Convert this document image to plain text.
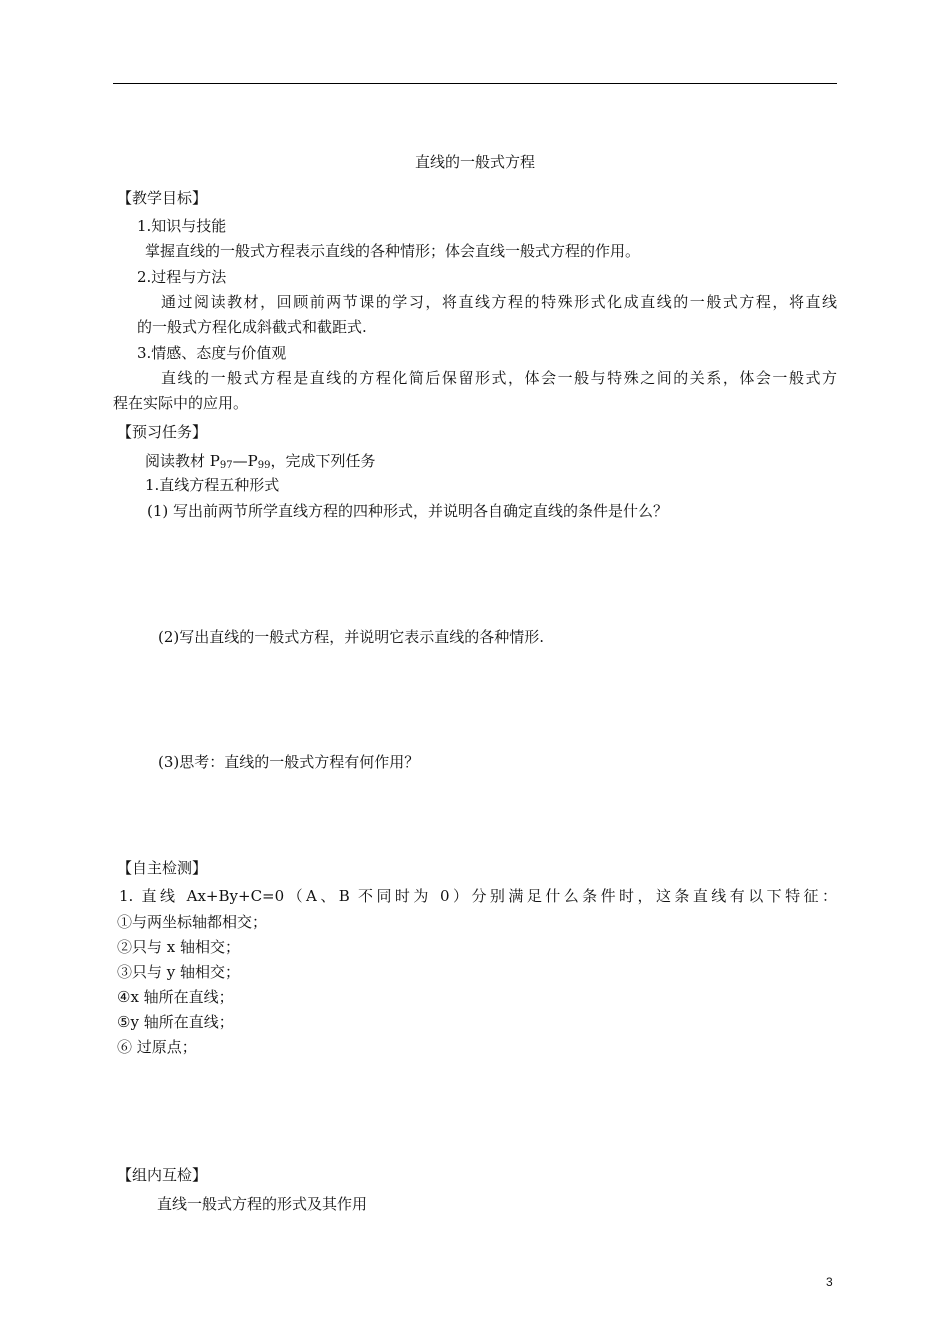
直线的一般式方程
【教学目标】
1.知识与技能
掌握直线的一般式方程表示直线的各种情形；体会直线一般式方程的作用。
2.过程与方法
通过阅读教材，回顾前两节课的学习，将直线方程的特殊形式化成直线的一般式方程，将直线
的一般式方程化成斜截式和截距式.
3.情感、态度与价值观
直线的一般式方程是直线的方程化简后保留形式，体会一般与特殊之间的关系，体会一般式方
程在实际中的应用。
【预习任务】
阅读教材 $P_{97}—P_{99}$，完成下列任务
1.直线方程五种形式
(1) 写出前两节所学直线方程的四种形式，并说明各自确定直线的条件是什么？
(2)写出直线的一般式方程，并说明它表示直线的各种情形.
(3)思考：直线的一般式方程有何作用？
【自主检测】
1. 直线 Ax+By+C=0（A、B 不同时为 0）分别满足什么条件时，这条直线有以下特征：
①与两坐标轴都相交；
②只与 x 轴相交；
③只与 y 轴相交；
④x 轴所在直线；
⑤y 轴所在直线；
⑥ 过原点；
【组内互检】
直线一般式方程的形式及其作用
3
